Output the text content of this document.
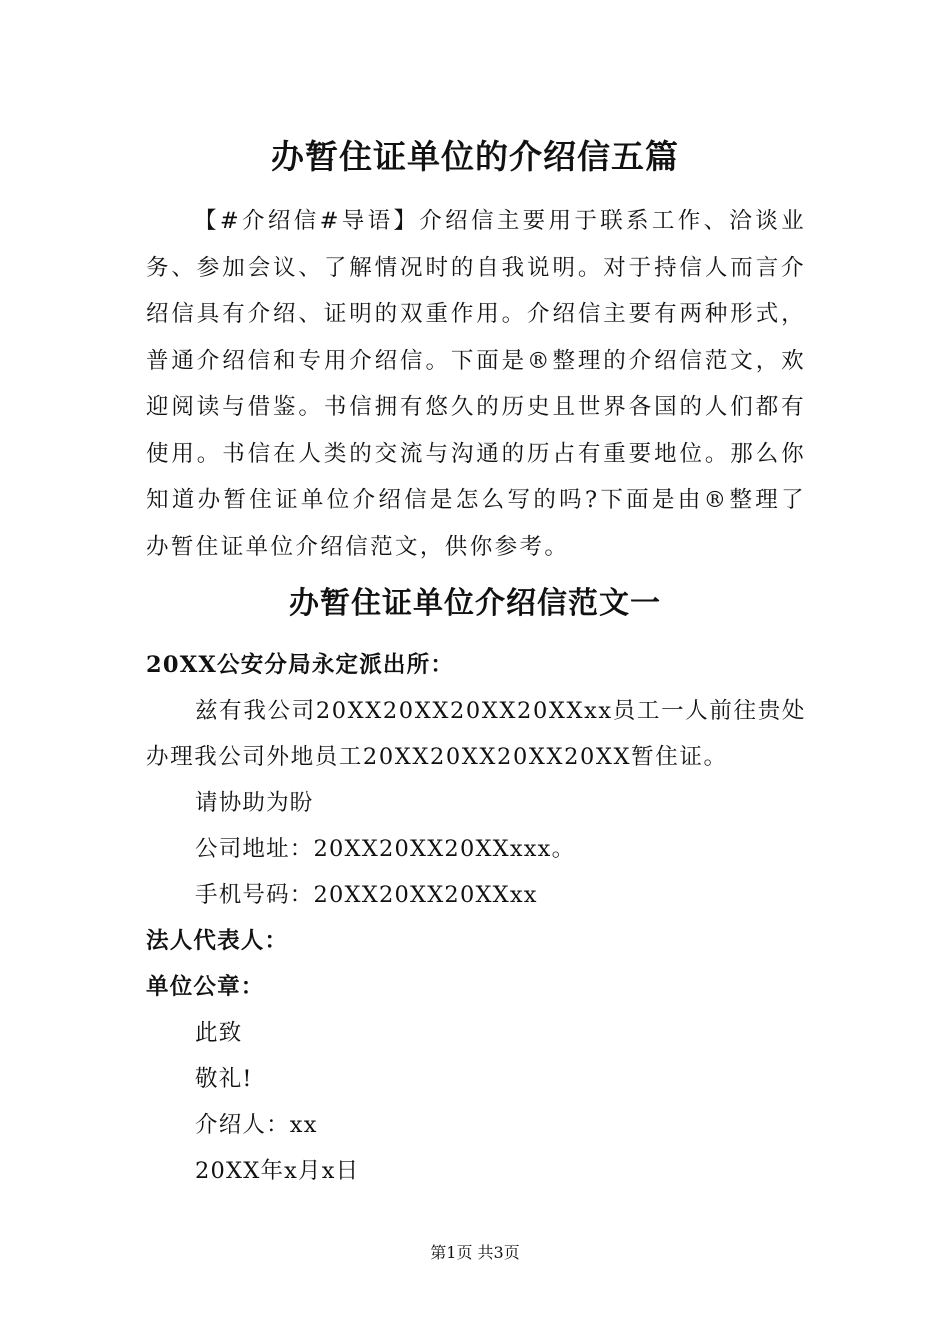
办暂住证单位的介绍信五篇

【#介绍信#导语】介绍信主要用于联系工作、洽谈业务、参加会议、了解情况时的自我说明。对于持信人而言介绍信具有介绍、证明的双重作用。介绍信主要有两种形式，普通介绍信和专用介绍信。下面是®整理的介绍信范文，欢迎阅读与借鉴。书信拥有悠久的历史且世界各国的人们都有使用。书信在人类的交流与沟通的历占有重要地位。那么你知道办暂住证单位介绍信是怎么写的吗?下面是由®整理了办暂住证单位介绍信范文，供你参考。

办暂住证单位介绍信范文一

20XX公安分局永定派出所：

兹有我公司20XX20XX20XX20XXxx员工一人前往贵处办理我公司外地员工20XX20XX20XX20XX暂住证。

请协助为盼

公司地址：20XX20XX20XXxxx。

手机号码：20XX20XX20XXxx

法人代表人：

单位公章：

此致

敬礼!

介绍人：xx

20XX年x月x日

第1页 共3页
